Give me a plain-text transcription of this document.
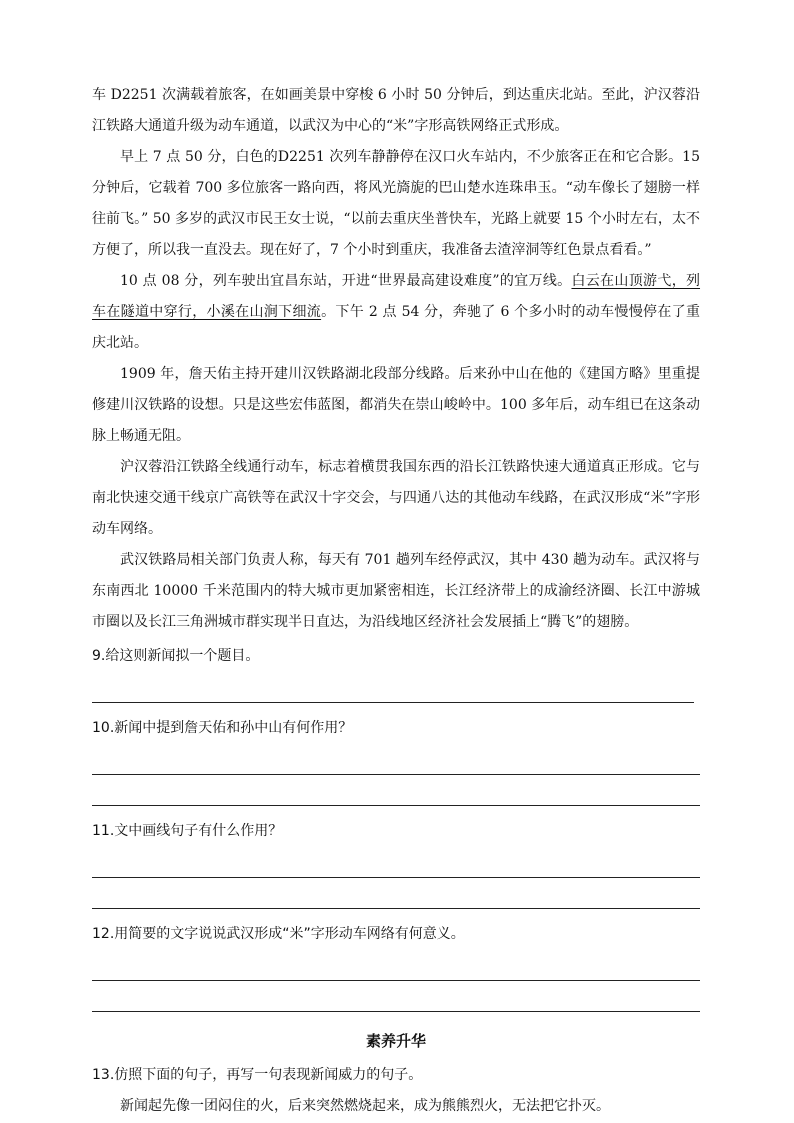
车 D2251 次满载着旅客，在如画美景中穿梭 6 小时 50 分钟后，到达重庆北站。至此，沪汉蓉沿江铁路大通道升级为动车通道，以武汉为中心的“米”字形高铁网络正式形成。

早上 7 点 50 分，白色的D2251 次列车静静停在汉口火车站内，不少旅客正在和它合影。15 分钟后，它载着 700 多位旅客一路向西，将风光旖旎的巴山楚水连珠串玉。“动车像长了翅膀一样往前飞。” 50 多岁的武汉市民王女士说，“以前去重庆坐普快车，光路上就要 15 个小时左右，太不方便了，所以我一直没去。现在好了，7 个小时到重庆，我准备去渣滓洞等红色景点看看。”

10 点 08 分，列车驶出宜昌东站，开进“世界最高建设难度”的宜万线。白云在山顶游弋，列车在隧道中穿行，小溪在山涧下细流。下午 2 点 54 分，奔驰了 6 个多小时的动车慢慢停在了重庆北站。

1909 年，詹天佑主持开建川汉铁路湖北段部分线路。后来孙中山在他的《建国方略》里重提修建川汉铁路的设想。只是这些宏伟蓝图，都消失在崇山峻岭中。100 多年后，动车组已在这条动脉上畅通无阻。

沪汉蓉沿江铁路全线通行动车，标志着横贯我国东西的沿长江铁路快速大通道真正形成。它与南北快速交通干线京广高铁等在武汉十字交会，与四通八达的其他动车线路，在武汉形成“米”字形动车网络。

武汉铁路局相关部门负责人称，每天有 701 趟列车经停武汉，其中 430 趟为动车。武汉将与东南西北 10000 千米范围内的特大城市更加紧密相连，长江经济带上的成渝经济圈、长江中游城市圈以及长江三角洲城市群实现半日直达，为沿线地区经济社会发展插上“腾飞”的翅膀。

9.给这则新闻拟一个题目。

10.新闻中提到詹天佑和孙中山有何作用？

11.文中画线句子有什么作用？

12.用简要的文字说说武汉形成“米”字形动车网络有何意义。

素养升华

13.仿照下面的句子，再写一句表现新闻威力的句子。

新闻起先像一团闷住的火，后来突然燃烧起来，成为熊熊烈火，无法把它扑灭。
